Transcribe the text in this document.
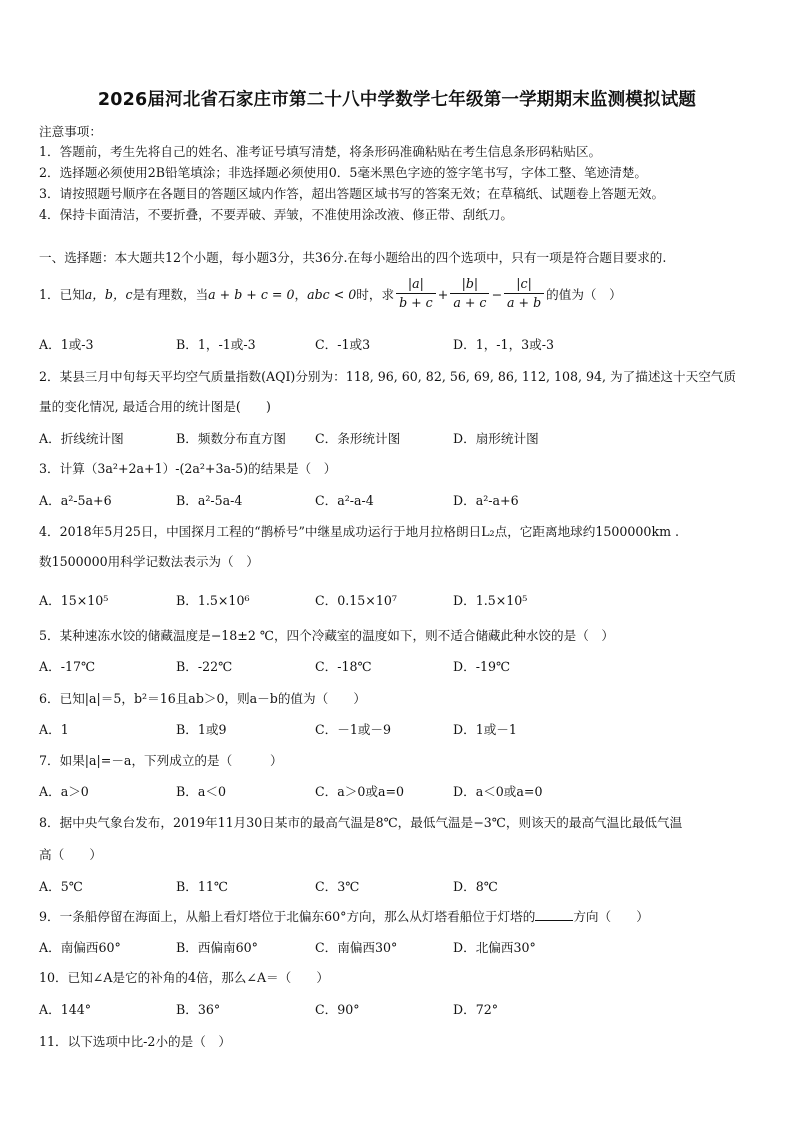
2026届河北省石家庄市第二十八中学数学七年级第一学期期末监测模拟试题
注意事项：
1．答题前，考生先将自己的姓名、准考证号填写清楚，将条形码准确粘贴在考生信息条形码粘贴区。
2．选择题必须使用2B铅笔填涂；非选择题必须使用0．5毫米黑色字迹的签字笔书写，字体工整、笔迹清楚。
3．请按照题号顺序在各题目的答题区域内作答，超出答题区域书写的答案无效；在草稿纸、试题卷上答题无效。
4．保持卡面清洁，不要折叠，不要弄破、弄皱，不准使用涂改液、修正带、刮纸刀。
一、选择题：本大题共12个小题，每小题3分，共36分.在每小题给出的四个选项中，只有一项是符合题目要求的.
1．已知a，b，c是有理数，当a + b + c = 0，abc < 0时，求 $\frac{|a|}{b + c} + \frac{|b|}{a + c} - \frac{|c|}{a + b}$ 的值为（　）
A．1或-3	B．1，-1或-3	C．-1或3	D．1，-1，3或-3
2．某县三月中旬每天平均空气质量指数(AQI)分别为：118, 96, 60, 82, 56, 69, 86, 112, 108, 94, 为了描述这十天空气质
量的变化情况, 最适合用的统计图是(　　)
A．折线统计图	B．频数分布直方图 C．条形统计图	D．扇形统计图
3．计算（3a²+2a+1）-(2a²+3a-5)的结果是（　）
A．a²-5a+6	B．a²-5a-4	C．a²-a-4	D．a²-a+6
4．2018年5月25日，中国探月工程的“鹊桥号”中继星成功运行于地月拉格朗日L₂点，它距离地球约1500000km .
数1500000用科学记数法表示为（　）
A．15×10⁵	B．1.5×10⁶	C．0.15×10⁷	D．1.5×10⁵
5．某种速冻水饺的储藏温度是−18±2 ℃，四个冷藏室的温度如下，则不适合储藏此种水饺的是（　）
A．-17℃	B．-22℃	C．-18℃	D．-19℃
6．已知|a|＝5，b²＝16且ab＞0，则a－b的值为（　　）
A．1	B．1或9	C．－1或－9	D．1或－1
7．如果|a|=－a，下列成立的是（　　　）
A．a＞0	B．a＜0	C．a＞0或a=0	D．a＜0或a=0
8．据中央气象台发布，2019年11月30日某市的最高气温是8℃，最低气温是−3℃，则该天的最高气温比最低气温
高（　　）
A．5℃	B．11℃	C．3℃	D．8℃
9．一条船停留在海面上，从船上看灯塔位于北偏东60°方向，那么从灯塔看船位于灯塔的	方向（　　）
A．南偏西60°	B．西偏南60°	C．南偏西30°	D．北偏西30°
10．已知∠A是它的补角的4倍，那么∠A＝（　　）
A．144°	B．36°	C．90°	D．72°
11．以下选项中比-2小的是（　）
